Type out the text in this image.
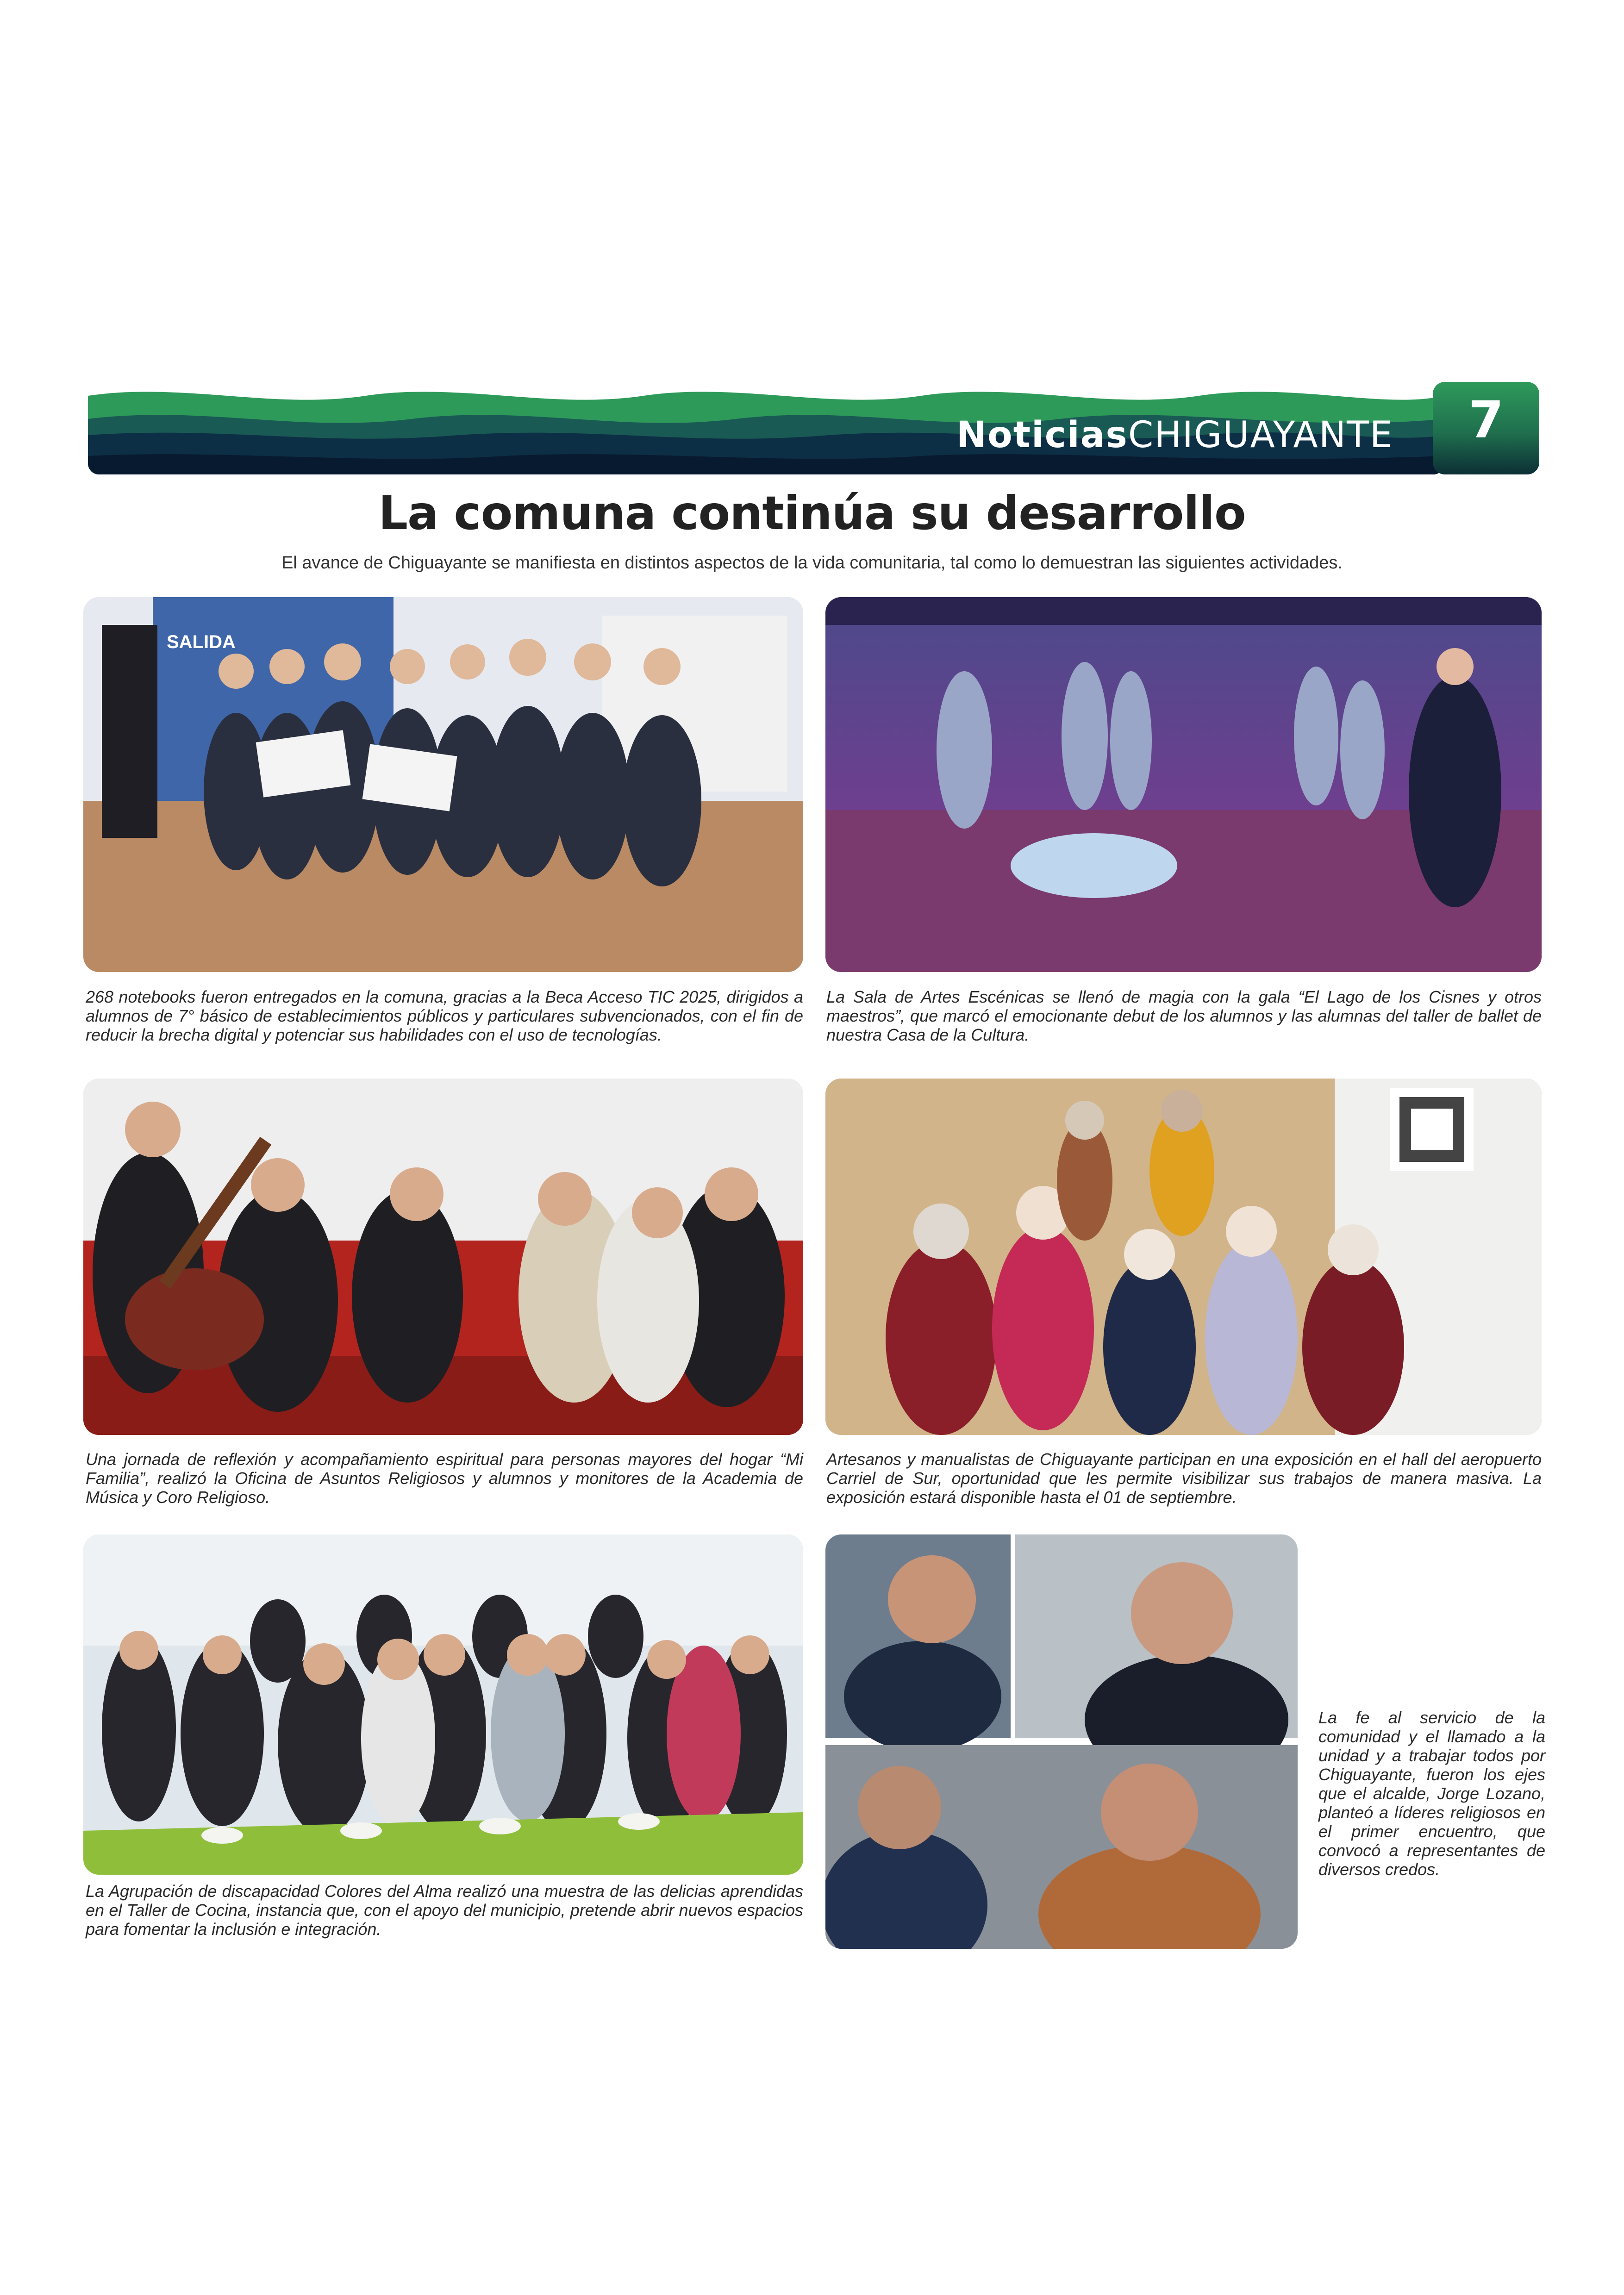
NoticiasCHIGUAYANTE	7
La comuna continúa su desarrollo
El avance de Chiguayante se manifiesta en distintos aspectos de la vida comunitaria, tal como lo demuestran las siguientes actividades.
SALIDA
268 notebooks fueron entregados en la comuna, gracias a la Beca Acceso TIC 2025, dirigidos a alumnos de 7° básico de establecimientos públicos y particulares subvencionados, con el fin de reducir la brecha digital y potenciar sus habilidades con el uso de tecnologías.
La Sala de Artes Escénicas se llenó de magia con la gala “El Lago de los Cisnes y otros maestros”, que marcó el emocionante debut de los alumnos y las alumnas del taller de ballet de nuestra Casa de la Cultura.
Una jornada de reflexión y acompañamiento espiritual para personas mayores del hogar “Mi Familia”, realizó la Oficina de Asuntos Religiosos y alumnos y monitores de la Academia de Música y Coro Religioso.
Artesanos y manualistas de Chiguayante participan en una exposición en el hall del aeropuerto Carriel de Sur, oportunidad que les permite visibilizar sus trabajos de manera masiva. La exposición estará disponible hasta el 01 de septiembre.
La Agrupación de discapacidad Colores del Alma realizó una muestra de las delicias aprendidas en el Taller de Cocina, instancia que, con el apoyo del municipio, pretende abrir nuevos espacios para fomentar la inclusión e integración.
La fe al servicio de la comunidad y el llamado a la unidad y a trabajar todos por Chiguayante, fueron los ejes que el alcalde, Jorge Lozano, planteó a líderes religiosos en el primer encuentro, que convocó a representantes de diversos credos.
